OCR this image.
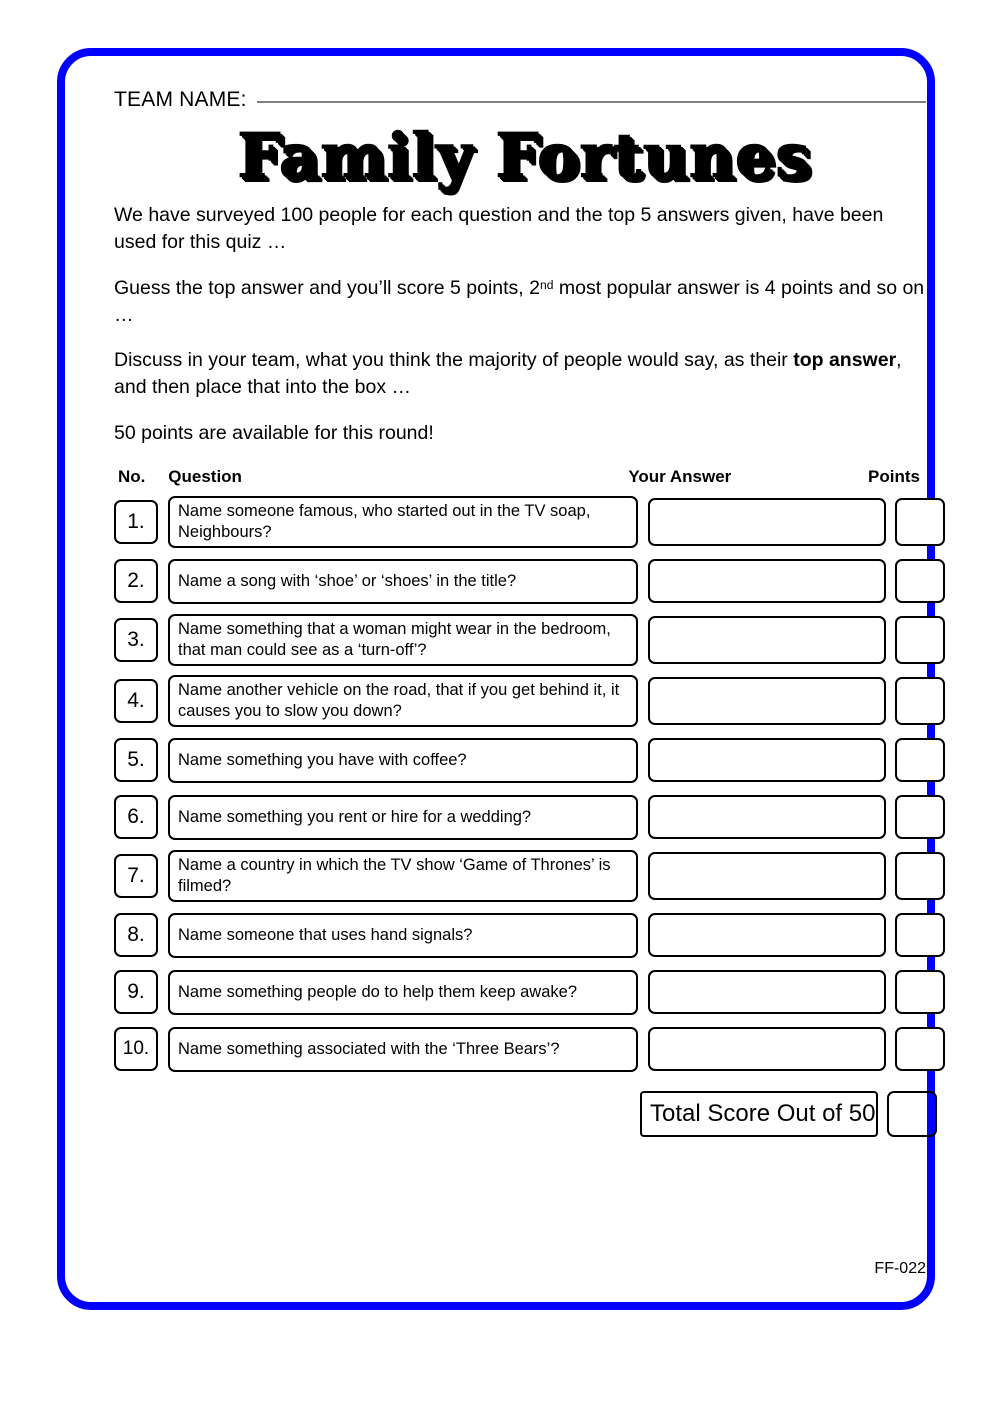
TEAM NAME:
Family Fortunes

We have surveyed 100 people for each question and the top 5 answers given, have been used for this quiz …

Guess the top answer and you’ll score 5 points, 2nd most popular answer is 4 points and so on …

Discuss in your team, what you think the majority of people would say, as their top answer, and then place that into the box …

50 points are available for this round!

No.	Question	Your Answer	Points
1.	Name someone famous, who started out in the TV soap, Neighbours?
2.	Name a song with ‘shoe’ or ‘shoes’ in the title?
3.	Name something that a woman might wear in the bedroom, that man could see as a ‘turn-off’?
4.	Name another vehicle on the road, that if you get behind it, it causes you to slow you down?
5.	Name something you have with coffee?
6.	Name something you rent or hire for a wedding?
7.	Name a country in which the TV show ‘Game of Thrones’ is filmed?
8.	Name someone that uses hand signals?
9.	Name something people do to help them keep awake?
10.	Name something associated with the ‘Three Bears’?
Total Score Out of 50
FF-022
